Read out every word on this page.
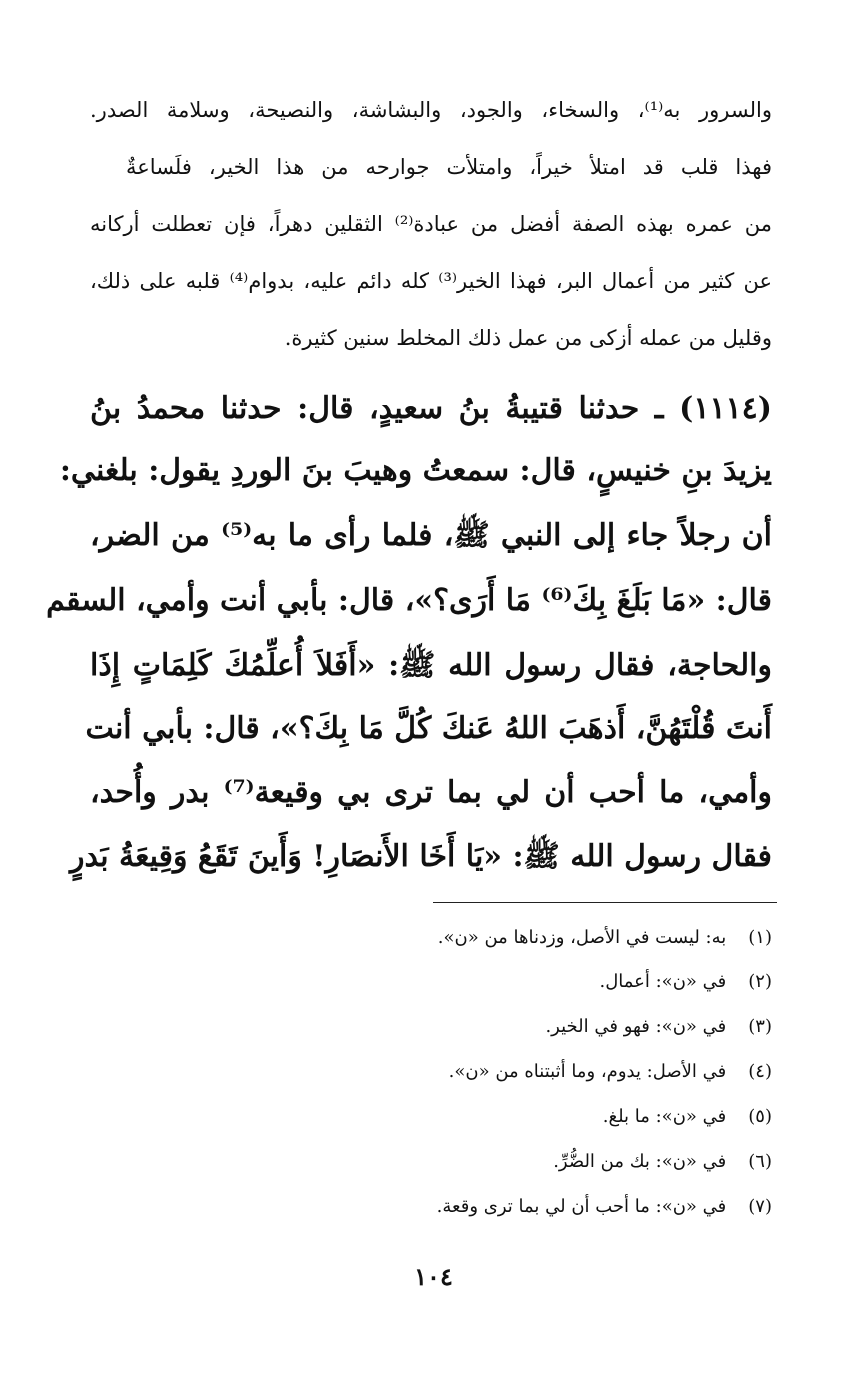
والسرور به⁽¹⁾، والسخاء، والجود، والبشاشة، والنصيحة، وسلامة الصدر.
فهذا قلب قد امتلأ خيراً، وامتلأت جوارحه من هذا الخير، فلَساعةٌ
من عمره بهذه الصفة أفضل من عبادة⁽²⁾ الثقلين دهراً، فإن تعطلت أركانه
عن كثير من أعمال البر، فهذا الخير⁽³⁾ كله دائم عليه، بدوام⁽⁴⁾ قلبه على ذلك،
وقليل من عمله أزكى من عمل ذلك المخلط سنين كثيرة.
(١١١٤) ـ حدثنا قتيبةُ بنُ سعيدٍ، قال: حدثنا محمدُ بنُ
يزيدَ بنِ خنيسٍ، قال: سمعتُ وهيبَ بنَ الوردِ يقول: بلغني:
أن رجلاً جاء إلى النبي ﷺ، فلما رأى ما به⁽⁵⁾ من الضر،
قال: «مَا بَلَغَ بِكَ⁽⁶⁾ مَا أَرَى؟»، قال: بأبي أنت وأمي، السقم
والحاجة، فقال رسول الله ﷺ: «أَفَلاَ أُعلِّمُكَ كَلِمَاتٍ إِذَا
أَنتَ قُلْتَهُنَّ، أَذهَبَ اللهُ عَنكَ كُلَّ مَا بِكَ؟»، قال: بأبي أنت
وأمي، ما أحب أن لي بما ترى بي وقيعة⁽⁷⁾ بدر وأُحد،
فقال رسول الله ﷺ: «يَا أَخَا الأَنصَارِ! وَأَينَ تَقَعُ وَقِيعَةُ بَدرٍ
(١) به: ليست في الأصل، وزدناها من «ن».
(٢) في «ن»: أعمال.
(٣) في «ن»: فهو في الخير.
(٤) في الأصل: يدوم، وما أثبتناه من «ن».
(٥) في «ن»: ما بلغ.
(٦) في «ن»: بك من الضُّرِّ.
(٧) في «ن»: ما أحب أن لي بما ترى وقعة.
١٠٤
